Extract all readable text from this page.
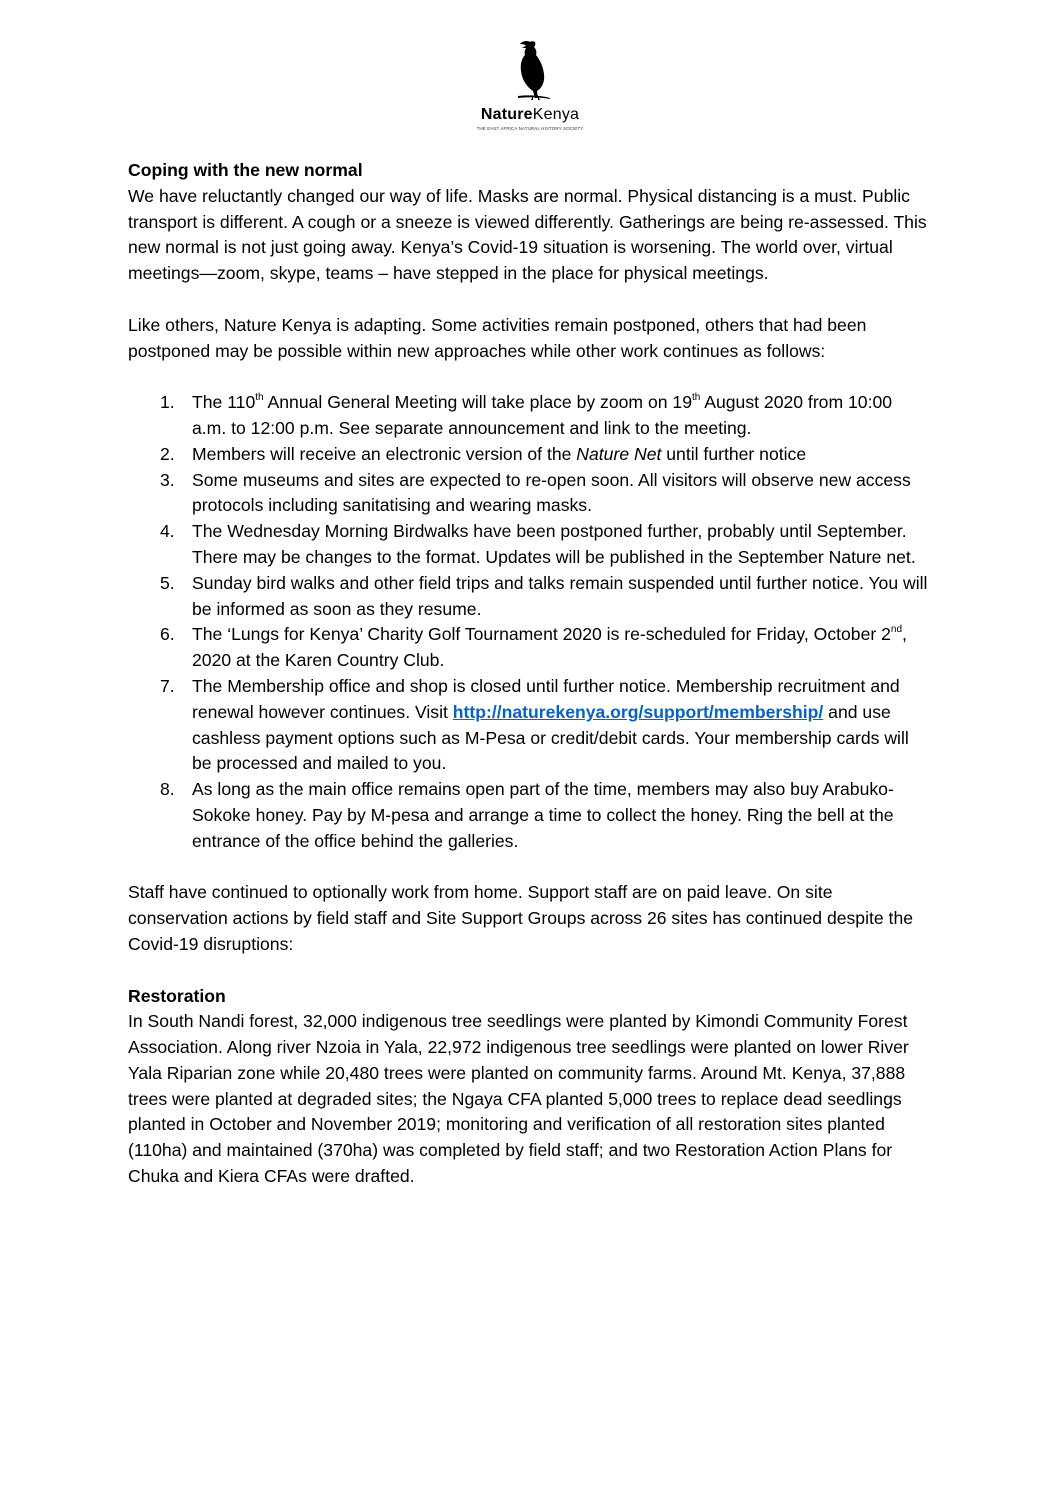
NatureKenya
THE EAST AFRICA NATURAL HISTORY SOCIETY

Coping with the new normal

We have reluctantly changed our way of life. Masks are normal. Physical distancing is a must. Public transport is different. A cough or a sneeze is viewed differently. Gatherings are being re-assessed. This new normal is not just going away. Kenya’s Covid-19 situation is worsening. The world over, virtual meetings—zoom, skype, teams – have stepped in the place for physical meetings.

Like others, Nature Kenya is adapting. Some activities remain postponed, others that had been postponed may be possible within new approaches while other work continues as follows:

1. The 110th Annual General Meeting will take place by zoom on 19th August 2020 from 10:00 a.m. to 12:00 p.m. See separate announcement and link to the meeting.
2. Members will receive an electronic version of the Nature Net until further notice
3. Some museums and sites are expected to re-open soon. All visitors will observe new access protocols including sanitatising and wearing masks.
4. The Wednesday Morning Birdwalks have been postponed further, probably until September. There may be changes to the format. Updates will be published in the September Nature net.
5. Sunday bird walks and other field trips and talks remain suspended until further notice. You will be informed as soon as they resume.
6. The ‘Lungs for Kenya’ Charity Golf Tournament 2020 is re-scheduled for Friday, October 2nd, 2020 at the Karen Country Club.
7. The Membership office and shop is closed until further notice. Membership recruitment and renewal however continues. Visit http://naturekenya.org/support/membership/ and use cashless payment options such as M-Pesa or credit/debit cards. Your membership cards will be processed and mailed to you.
8. As long as the main office remains open part of the time, members may also buy Arabuko-Sokoke honey. Pay by M-pesa and arrange a time to collect the honey. Ring the bell at the entrance of the office behind the galleries.

Staff have continued to optionally work from home. Support staff are on paid leave. On site conservation actions by field staff and Site Support Groups across 26 sites has continued despite the Covid-19 disruptions:

Restoration

In South Nandi forest, 32,000 indigenous tree seedlings were planted by Kimondi Community Forest Association. Along river Nzoia in Yala, 22,972 indigenous tree seedlings were planted on lower River Yala Riparian zone while 20,480 trees were planted on community farms. Around Mt. Kenya, 37,888 trees were planted at degraded sites; the Ngaya CFA planted 5,000 trees to replace dead seedlings planted in October and November 2019; monitoring and verification of all restoration sites planted (110ha) and maintained (370ha) was completed by field staff; and two Restoration Action Plans for Chuka and Kiera CFAs were drafted.
